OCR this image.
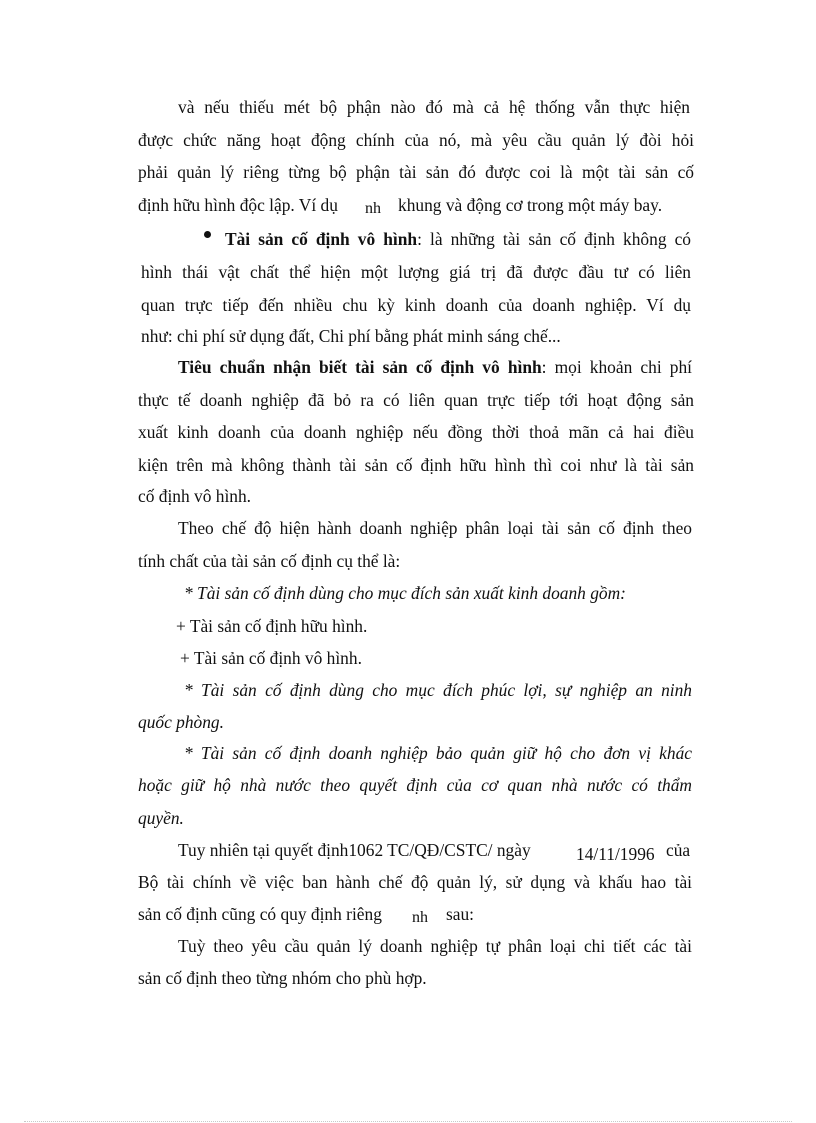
và nếu thiếu mét bộ phận nào đó mà cả hệ thống vẫn thực hiện
được chức năng hoạt động chính của nó, mà yêu cầu quản lý đòi hỏi
phải quản lý riêng từng bộ phận tài sản đó được coi là một tài sản cố
định hữu hình độc lập. Ví dụ nh khung và động cơ trong một máy bay.
Tài sản cố định vô hình: là những tài sản cố định không có
hình thái vật chất thể hiện một lượng giá trị đã được đầu tư có liên
quan trực tiếp đến nhiều chu kỳ kinh doanh của doanh nghiệp. Ví dụ
như: chi phí sử dụng đất, Chi phí bằng phát minh sáng chế...
Tiêu chuẩn nhận biết tài sản cố định vô hình: mọi khoản chi phí
thực tế doanh nghiệp đã bỏ ra có liên quan trực tiếp tới hoạt động sản
xuất kinh doanh của doanh nghiệp nếu đồng thời thoả mãn cả hai điều
kiện trên mà không thành tài sản cố định hữu hình thì coi như là tài sản
cố định vô hình.
Theo chế độ hiện hành doanh nghiệp phân loại tài sản cố định theo
tính chất của tài sản cố định cụ thể là:
* Tài sản cố định dùng cho mục đích sản xuất kinh doanh gồm:
+ Tài sản cố định hữu hình.
+ Tài sản cố định vô hình.
* Tài sản cố định dùng cho mục đích phúc lợi, sự nghiệp an ninh
quốc phòng.
* Tài sản cố định doanh nghiệp bảo quản giữ hộ cho đơn vị khác
hoặc giữ hộ nhà nước theo quyết định của cơ quan nhà nước có thẩm
quyền.
Tuy nhiên tại quyết định1062 TC/QĐ/CSTC/ ngày	14/11/1996 của
Bộ tài chính về việc ban hành chế độ quản lý, sử dụng và khấu hao tài
sản cố định cũng có quy định riêng nh sau:
Tuỳ theo yêu cầu quản lý doanh nghiệp tự phân loại chi tiết các tài
sản cố định theo từng nhóm cho phù hợp.
